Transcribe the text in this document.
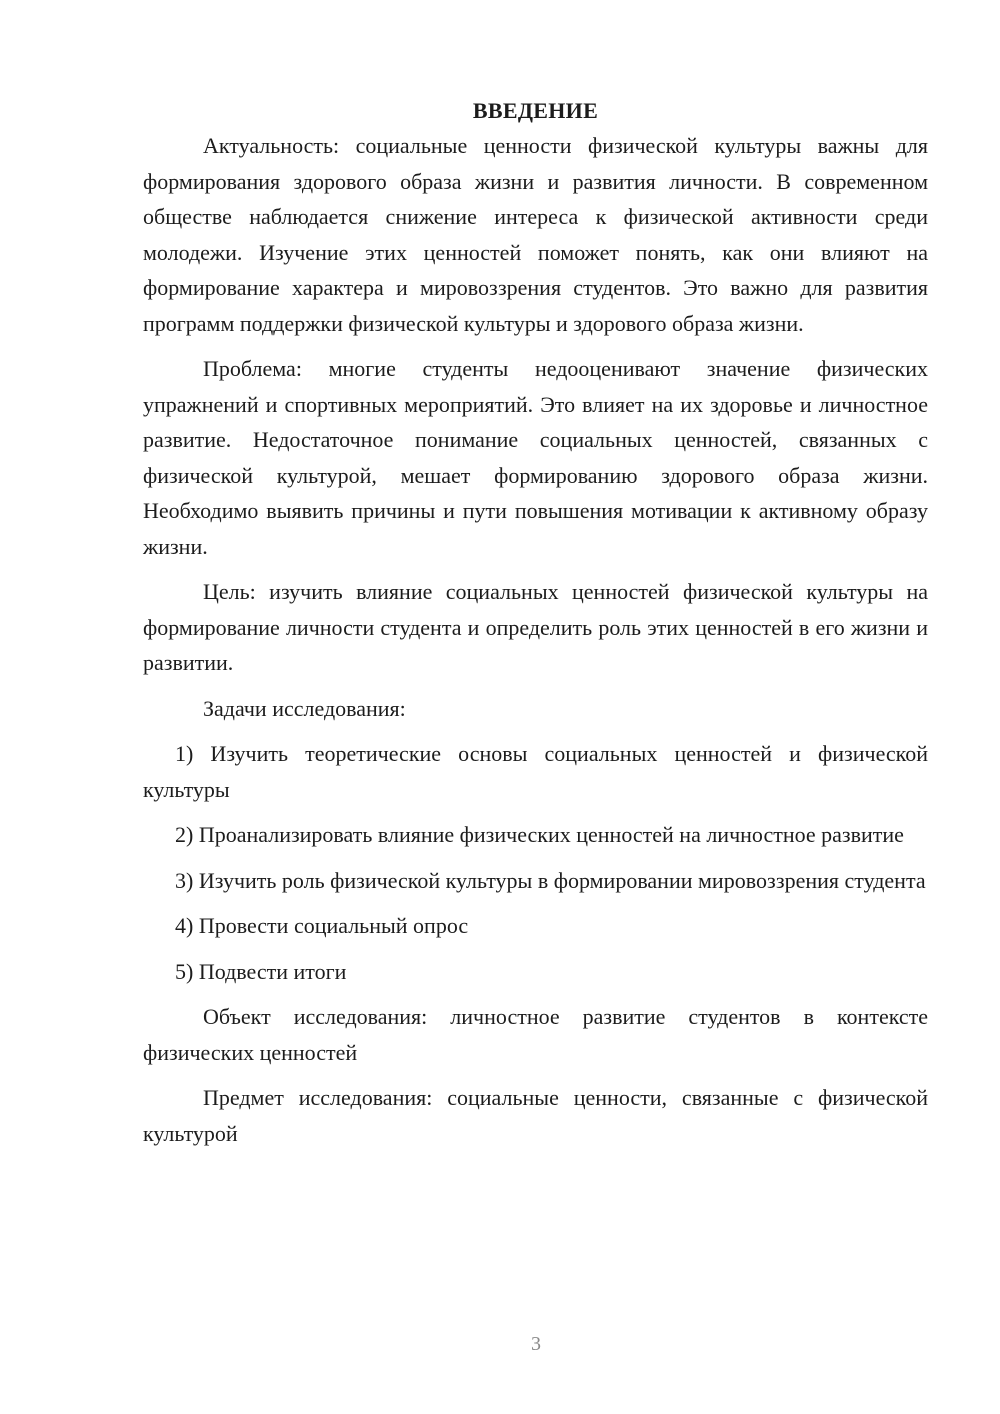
ВВЕДЕНИЕ

Актуальность: социальные ценности физической культуры важны для формирования здорового образа жизни и развития личности. В современном обществе наблюдается снижение интереса к физической активности среди молодежи. Изучение этих ценностей поможет понять, как они влияют на формирование характера и мировоззрения студентов. Это важно для развития программ поддержки физической культуры и здорового образа жизни.

Проблема: многие студенты недооценивают значение физических упражнений и спортивных мероприятий. Это влияет на их здоровье и личностное развитие. Недостаточное понимание социальных ценностей, связанных с физической культурой, мешает формированию здорового образа жизни. Необходимо выявить причины и пути повышения мотивации к активному образу жизни.

Цель: изучить влияние социальных ценностей физической культуры на формирование личности студента и определить роль этих ценностей в его жизни и развитии.

Задачи исследования:

1) Изучить теоретические основы социальных ценностей и физической культуры

2) Проанализировать влияние физических ценностей на личностное развитие

3) Изучить роль физической культуры в формировании мировоззрения студента

4) Провести социальный опрос

5) Подвести итоги

Объект исследования: личностное развитие студентов в контексте физических ценностей

Предмет исследования: социальные ценности, связанные с физической культурой

3
